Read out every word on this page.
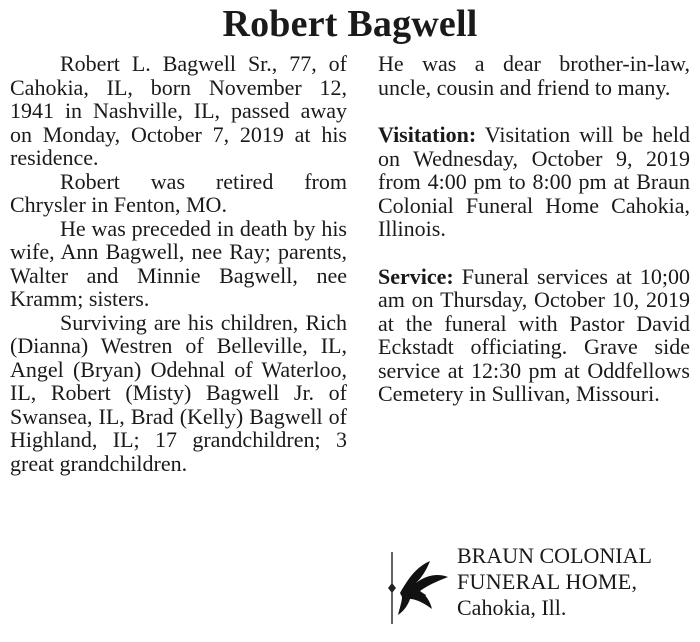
Robert Bagwell

Robert L. Bagwell Sr., 77, of Cahokia, IL, born November 12, 1941 in Nashville, IL, passed away on Monday, October 7, 2019 at his residence.

Robert was retired from Chrysler in Fenton, MO.

He was preceded in death by his wife, Ann Bagwell, nee Ray; parents, Walter and Minnie Bagwell, nee Kramm; sisters.

Surviving are his children, Rich (Dianna) Westren of Belleville, IL, Angel (Bryan) Odehnal of Waterloo, IL, Robert (Misty) Bagwell Jr. of Swansea, IL, Brad (Kelly) Bagwell of Highland, IL; 17 grandchildren; 3 great grandchildren.

He was a dear brother-in-law, uncle, cousin and friend to many.

Visitation: Visitation will be held on Wednesday, October 9, 2019 from 4:00 pm to 8:00 pm at Braun Colonial Funeral Home Cahokia, Illinois.

Service: Funeral services at 10;00 am on Thursday, October 10, 2019 at the funeral with Pastor David Eckstadt officiating. Grave side service at 12:30 pm at Oddfellows Cemetery in Sullivan, Missouri.

BRAUN COLONIAL
FUNERAL HOME,
Cahokia, Ill.
